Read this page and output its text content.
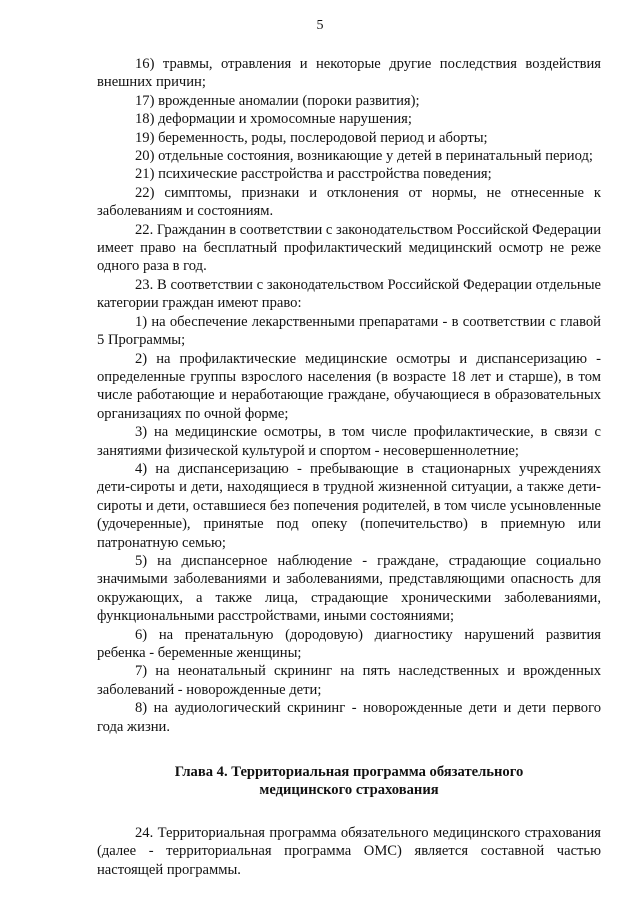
5

16) травмы, отравления и некоторые другие последствия воздействия внешних причин;

17) врожденные аномалии (пороки развития);

18) деформации и хромосомные нарушения;

19) беременность, роды, послеродовой период и аборты;

20) отдельные состояния, возникающие у детей в перинатальный период;

21) психические расстройства и расстройства поведения;

22) симптомы, признаки и отклонения от нормы, не отнесенные к заболеваниям и состояниям.

22. Гражданин в соответствии с законодательством Российской Федерации имеет право на бесплатный профилактический медицинский осмотр не реже одного раза в год.

23. В соответствии с законодательством Российской Федерации отдельные категории граждан имеют право:

1) на обеспечение лекарственными препаратами - в соответствии с главой 5 Программы;

2) на профилактические медицинские осмотры и диспансеризацию - определенные группы взрослого населения (в возрасте 18 лет и старше), в том числе работающие и неработающие граждане, обучающиеся в образовательных организациях по очной форме;

3) на медицинские осмотры, в том числе профилактические, в связи с занятиями физической культурой и спортом - несовершеннолетние;

4) на диспансеризацию - пребывающие в стационарных учреждениях дети-сироты и дети, находящиеся в трудной жизненной ситуации, а также дети-сироты и дети, оставшиеся без попечения родителей, в том числе усыновленные (удочеренные), принятые под опеку (попечительство) в приемную или патронатную семью;

5) на диспансерное наблюдение - граждане, страдающие социально значимыми заболеваниями и заболеваниями, представляющими опасность для окружающих, а также лица, страдающие хроническими заболеваниями, функциональными расстройствами, иными состояниями;

6) на пренатальную (дородовую) диагностику нарушений развития ребенка - беременные женщины;

7) на неонатальный скрининг на пять наследственных и врожденных заболеваний - новорожденные дети;

8) на аудиологический скрининг - новорожденные дети и дети первого года жизни.

Глава 4. Территориальная программа обязательного
медицинского страхования

24. Территориальная программа обязательного медицинского страхования (далее - территориальная программа ОМС) является составной частью настоящей программы.
